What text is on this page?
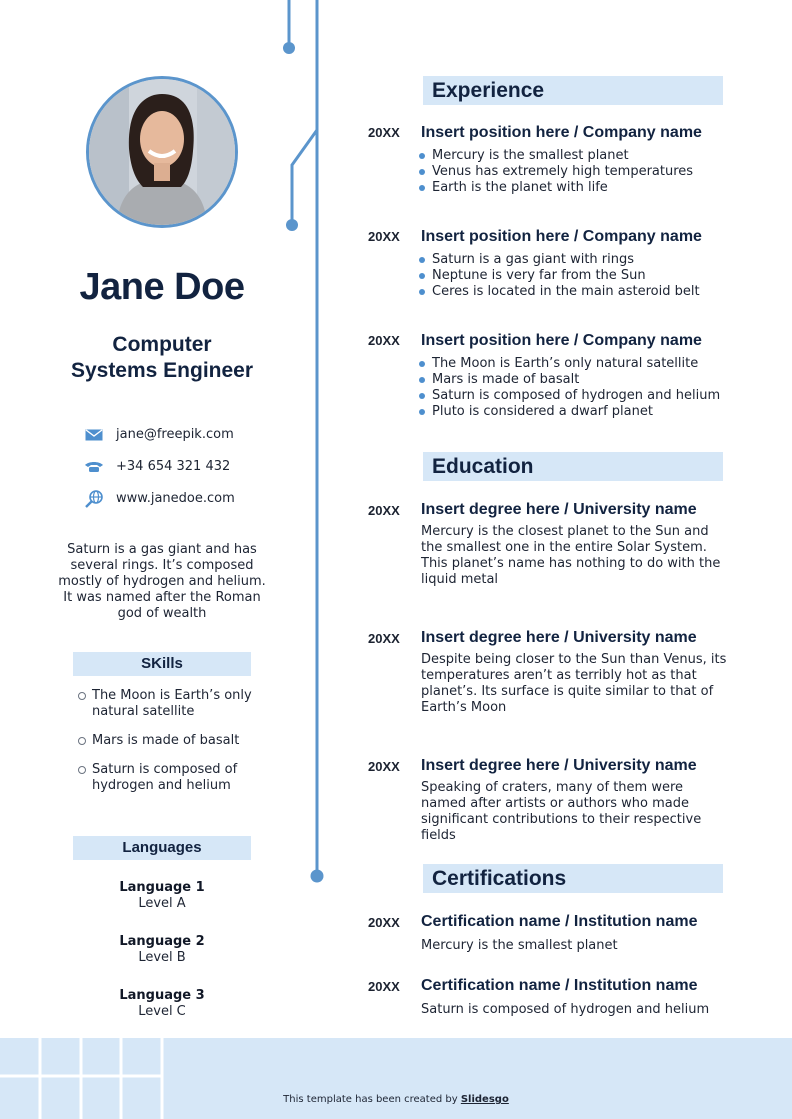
Jane Doe
Computer
Systems Engineer
jane@freepik.com
+34 654 321 432
www.janedoe.com
Saturn is a gas giant and has several rings. It’s composed mostly of hydrogen and helium. It was named after the Roman god of wealth
SKills
The Moon is Earth’s only natural satellite
Mars is made of basalt
Saturn is composed of hydrogen and helium
Languages
Language 1
Level A
Language 2
Level B
Language 3
Level C
Experience
20XX Insert position here / Company name
Mercury is the smallest planet
Venus has extremely high temperatures
Earth is the planet with life
20XX Insert position here / Company name
Saturn is a gas giant with rings
Neptune is very far from the Sun
Ceres is located in the main asteroid belt
20XX Insert position here / Company name
The Moon is Earth’s only natural satellite
Mars is made of basalt
Saturn is composed of hydrogen and helium
Pluto is considered a dwarf planet
Education
20XX Insert degree here / University name
Mercury is the closest planet to the Sun and the smallest one in the entire Solar System. This planet’s name has nothing to do with the liquid metal
20XX Insert degree here / University name
Despite being closer to the Sun than Venus, its temperatures aren’t as terribly hot as that planet’s. Its surface is quite similar to that of Earth’s Moon
20XX Insert degree here / University name
Speaking of craters, many of them were named after artists or authors who made significant contributions to their respective fields
Certifications
20XX Certification name / Institution name
Mercury is the smallest planet
20XX Certification name / Institution name
Saturn is composed of hydrogen and helium
This template has been created by Slidesgo
